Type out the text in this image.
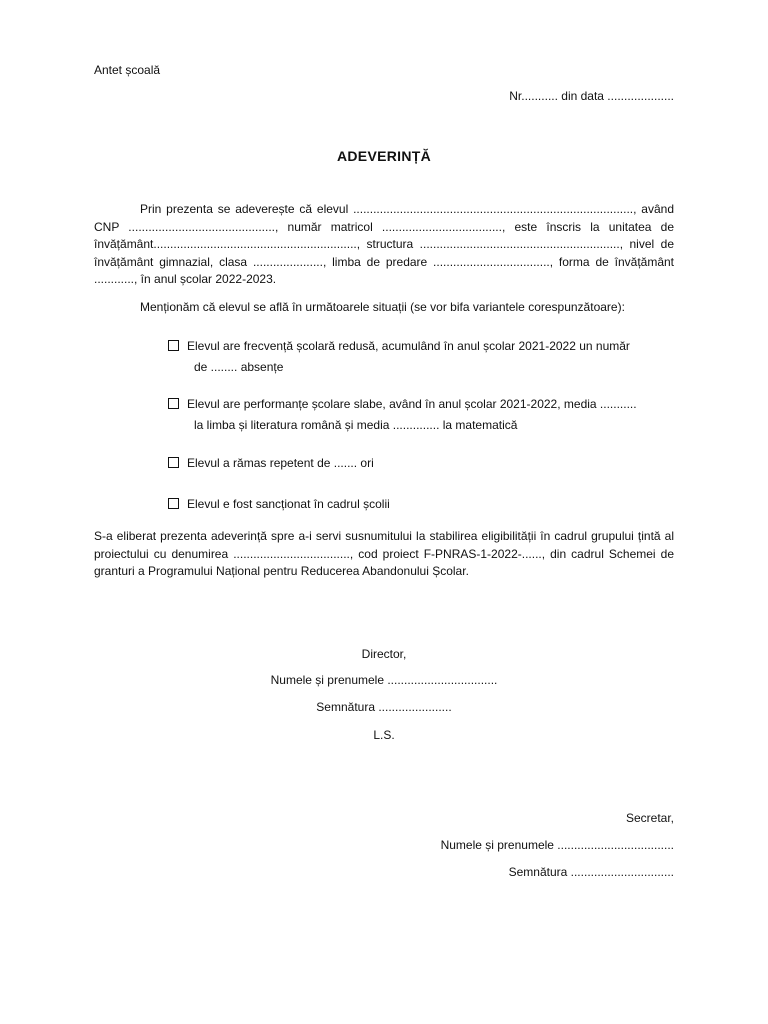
Antet școală
Nr........... din data ....................
ADEVERINȚĂ
Prin prezenta se adeverește că elevul ...................................................................................., având CNP ............................................, număr matricol ...................................., este înscris la unitatea de învățământ............................................................., structura ............................................................, nivel de învățământ gimnazial, clasa ....................., limba de predare ..................................., forma de învățământ ............, în anul școlar 2022-2023.
Menționăm că elevul se află în următoarele situații (se vor bifa variantele corespunzătoare):
Elevul are frecvență școlară redusă, acumulând în anul școlar 2021-2022 un număr
de ........ absențe
Elevul are performanțe școlare slabe, având în anul școlar 2021-2022, media ...........
la limba și literatura română și media .............. la matematică
Elevul a rămas repetent de ....... ori
Elevul e fost sancționat în cadrul școlii
S-a eliberat prezenta adeverință spre a-i servi susnumitului la stabilirea eligibilității în cadrul grupului țintă al proiectului cu denumirea ..................................., cod proiect F-PNRAS-1-2022-......, din cadrul Schemei de granturi a Programului Național pentru Reducerea Abandonului Școlar.
Director,
Numele și prenumele .................................
Semnătura ......................
L.S.
Secretar,
Numele și prenumele ...................................
Semnătura ...............................
